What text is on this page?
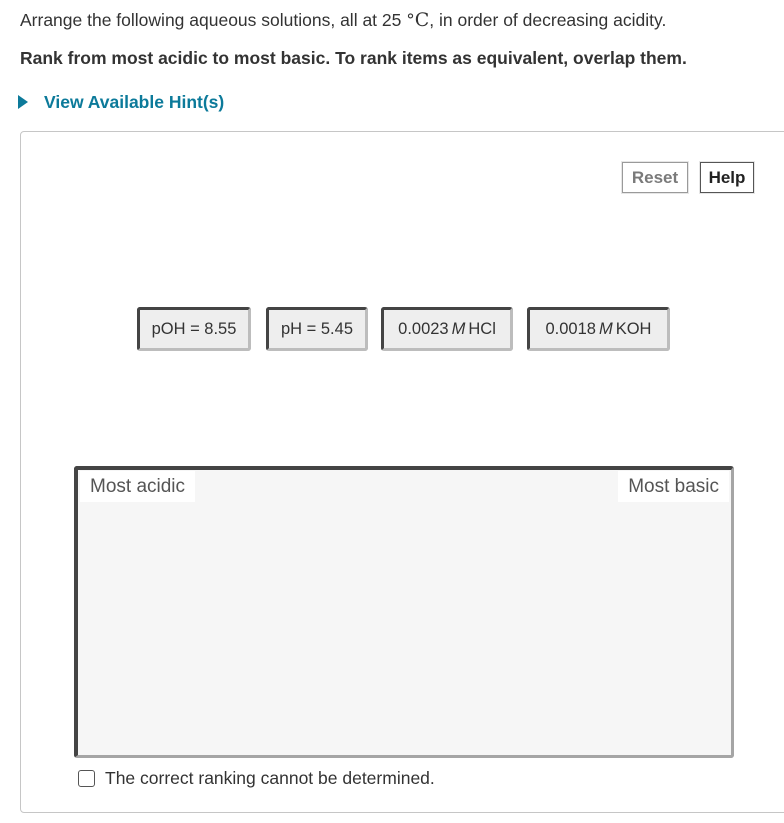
Arrange the following aqueous solutions, all at 25 °C, in order of decreasing acidity.
Rank from most acidic to most basic. To rank items as equivalent, overlap them.
View Available Hint(s)
Reset	Help
pOH = 8.55	pH = 5.45	0.0023 M HCl	0.0018 M KOH
Most acidic	Most basic
The correct ranking cannot be determined.
